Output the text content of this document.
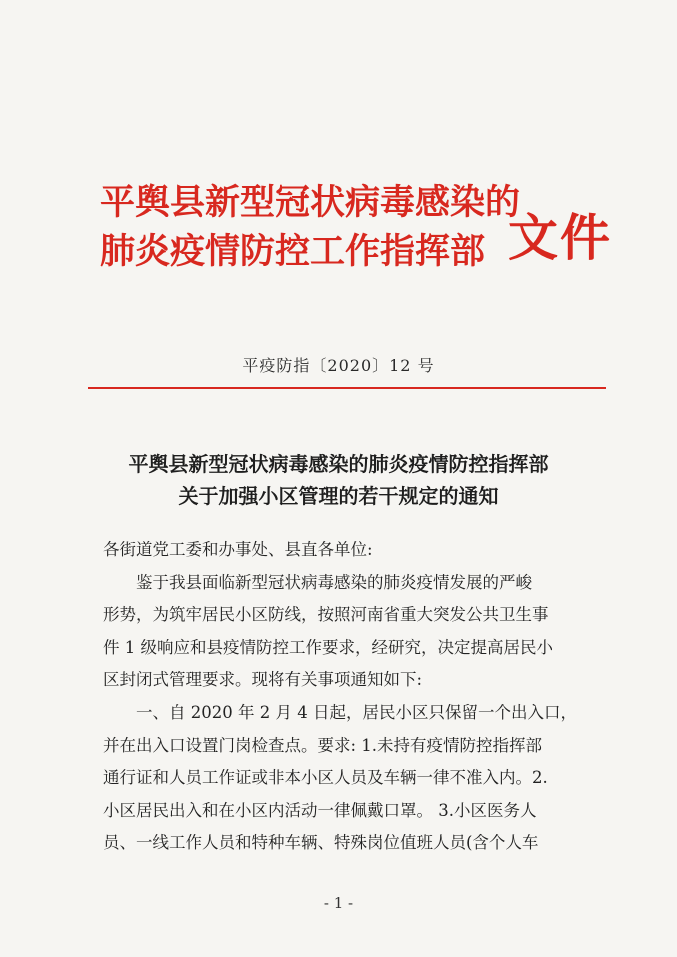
平舆县新型冠状病毒感染的
肺炎疫情防控工作指挥部 文件
平疫防指〔2020〕12 号
平舆县新型冠状病毒感染的肺炎疫情防控指挥部
关于加强小区管理的若干规定的通知

各街道党工委和办事处、县直各单位:

鉴于我县面临新型冠状病毒感染的肺炎疫情发展的严峻

形势，为筑牢居民小区防线，按照河南省重大突发公共卫生事

件 1 级响应和县疫情防控工作要求，经研究，决定提高居民小

区封闭式管理要求。现将有关事项通知如下:

一、自 2020 年 2 月 4 日起，居民小区只保留一个出入口，

并在出入口设置门岗检查点。要求: 1.未持有疫情防控指挥部

通行证和人员工作证或非本小区人员及车辆一律不准入内。2.

小区居民出入和在小区内活动一律佩戴口罩。 3.小区医务人

员、一线工作人员和特种车辆、特殊岗位值班人员(含个人车

- 1 -
